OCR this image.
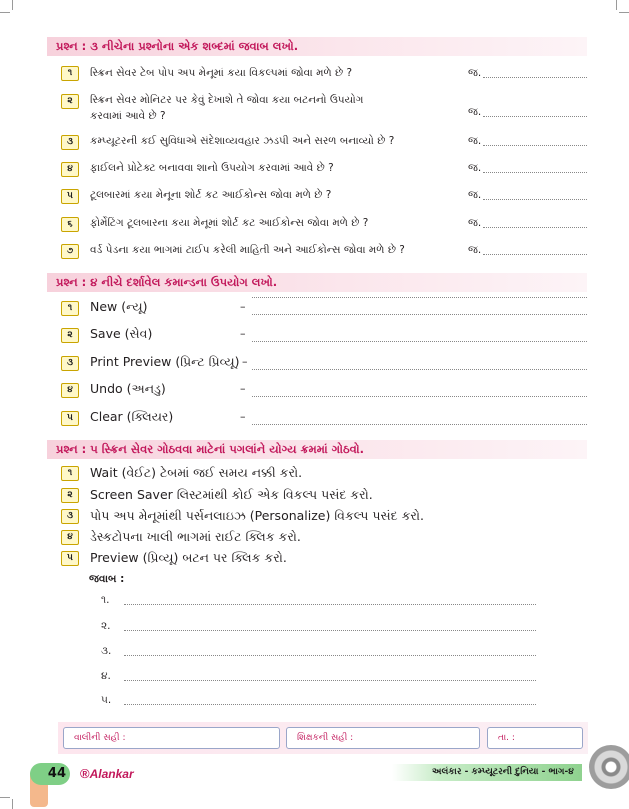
પ્રશ્ન : ૩ નીચેના પ્રશ્નોના એક શબ્દમાં જવાબ લખો.
૧	સ્ક્રિન સેવર ટેબ પોપ અપ મેનૂમાં કયા વિકલ્પમાં જોવા મળે છે ?	જ.
૨	સ્ક્રિન સેવર મોનિટર પર કેવું દેખાશે તે જોવા કયા બટનનો ઉપયોગ
કરવામાં આવે છે ?	જ.
૩	કમ્પ્યૂટરની કઈ સુવિધાએ સંદેશાવ્યવહાર ઝડપી અને સરળ બનાવ્યો છે ?	જ.
૪	ફાઈલને પ્રોટેક્ટ બનાવવા શાનો ઉપયોગ કરવામાં આવે છે ?	જ.
૫	ટૂલબારમાં કયા મેનૂના શોર્ટ કટ આઈકોન્સ જોવા મળે છે ?	જ.
૬	ફોર્મેટિંગ ટૂલબારના કયા મેનૂમાં શોર્ટ કટ આઈકોન્સ જોવા મળે છે ?	જ.
૭	વર્ડ પેડના કયા ભાગમાં ટાઈપ કરેલી માહિતી અને આઈકોન્સ જોવા મળે છે ?	જ.
પ્રશ્ન : ૪ નીચે દર્શાવેલ કમાન્ડના ઉપયોગ લખો.
૧	New (ન્યૂ)	–
૨	Save (સેવ)	–
૩	Print Preview (પ્રિન્ટ પ્રિવ્યૂ) –
૪	Undo (અનડુ)	–
૫	Clear (ક્લિયર)	–
પ્રશ્ન : ૫ સ્ક્રિન સેવર ગોઠવવા માટેનાં પગલાંને યોગ્ય ક્રમમાં ગોઠવો.
૧	Wait (વેઈટ) ટેબમાં જઈ સમય નક્કી કરો.
૨	Screen Saver લિસ્ટમાંથી કોઈ એક વિકલ્પ પસંદ કરો.
૩	પોપ અપ મેનૂમાંથી પર્સનલાઇઝ (Personalize) વિકલ્પ પસંદ કરો.
૪	ડેસ્કટોપના ખાલી ભાગમાં રાઈટ ક્લિક કરો.
૫	Preview (પ્રિવ્યૂ) બટન પર ક્લિક કરો.
જવાબ :
૧.
૨.
૩.
૪.
૫.
વાલીની સહી :	શિક્ષકની સહી :	તા. :
44	®Alankar	અલંકાર - કમ્પ્યૂટરની દુનિયા - ભાગ-૪
